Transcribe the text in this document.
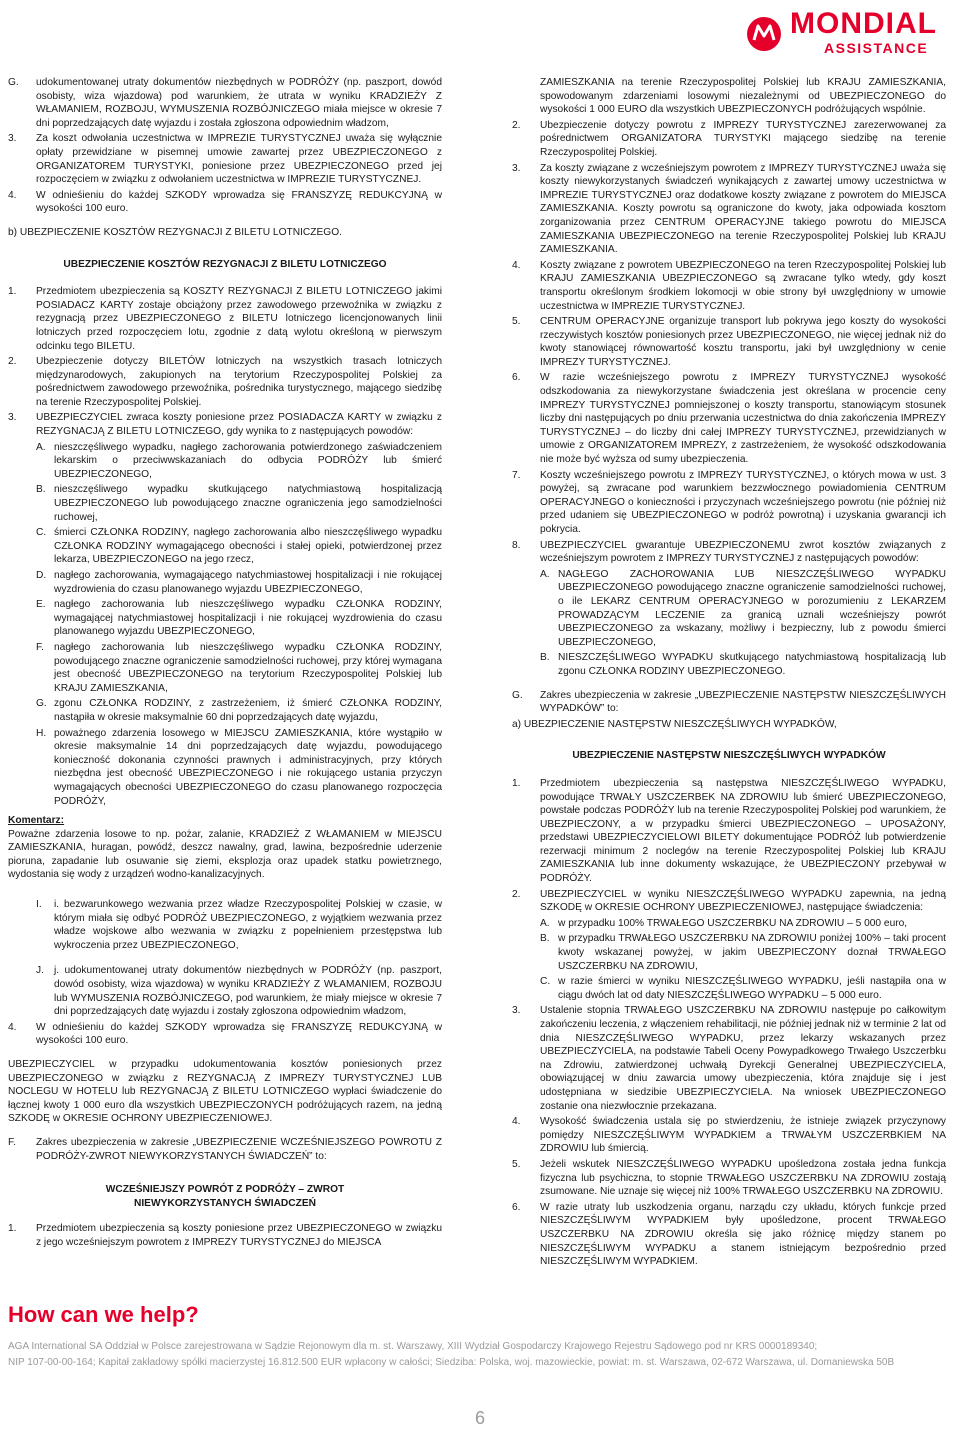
MONDIAL
ASSISTANCE
G. udokumentowanej utraty dokumentów niezbędnych w PODRÓŻY (np. paszport, dowód osobisty, wiza wjazdowa) pod warunkiem, że utrata w wyniku KRADZIEŻY Z WŁAMANIEM, ROZBOJU, WYMUSZENIA ROZBÓJNICZEGO miała miejsce w okresie 7 dni poprzedzających datę wyjazdu i została zgłoszona odpowiednim władzom,
3. Za koszt odwołania uczestnictwa w IMPREZIE TURYSTYCZNEJ uważa się wyłącznie opłaty przewidziane w pisemnej umowie zawartej przez UBEZPIECZONEGO z ORGANIZATOREM TURYSTYKI, poniesione przez UBEZPIECZONEGO przed jej rozpoczęciem w związku z odwołaniem uczestnictwa w IMPREZIE TURYSTYCZNEJ.
4. W odnieśieniu do każdej SZKODY wprowadza się FRANSZYZĘ REDUKCYJNĄ w wysokości 100 euro.
b) UBEZPIECZENIE KOSZTÓW REZYGNACJI Z BILETU LOTNICZEGO.
UBEZPIECZENIE KOSZTÓW REZYGNACJI Z BILETU LOTNICZEGO
1. Przedmiotem ubezpieczenia są KOSZTY REZYGNACJI Z BILETU LOTNICZEGO jakimi POSIADACZ KARTY zostaje obciążony przez zawodowego przewoźnika w związku z rezygnacją przez UBEZPIECZONEGO z BILETU lotniczego licencjonowanych linii lotniczych przed rozpoczęciem lotu, zgodnie z datą wylotu określoną w pierwszym odcinku tego BILETU.
2. Ubezpieczenie dotyczy BILETÓW lotniczych na wszystkich trasach lotniczych międzynarodowych, zakupionych na terytorium Rzeczypospolitej Polskiej za pośrednictwem zawodowego przewoźnika, pośrednika turystycznego, mającego siedzibę na terenie Rzeczypospolitej Polskiej.
3. UBEZPIECZYCIEL zwraca koszty poniesione przez POSIADACZA KARTY w związku z REZYGNACJĄ Z BILETU LOTNICZEGO, gdy wynika to z następujących powodów:
A. nieszczęśliwego wypadku, nagłego zachorowania potwierdzonego zaświadczeniem lekarskim o przeciwwskazaniach do odbycia PODRÓŻY lub śmierć UBEZPIECZONEGO,
B. nieszczęśliwego wypadku skutkującego natychmiastową hospitalizacją UBEZPIECZONEGO lub powodującego znaczne ograniczenia jego samodzielności ruchowej,
C. śmierci CZŁONKA RODZINY, nagłego zachorowania albo nieszczęśliwego wypadku CZŁONKA RODZINY wymagającego obecności i stałej opieki, potwierdzonej przez lekarza, UBEZPIECZONEGO na jego rzecz,
D. nagłego zachorowania, wymagającego natychmiastowej hospitalizacji i nie rokującej wyzdrowienia do czasu planowanego wyjazdu UBEZPIECZONEGO,
E. nagłego zachorowania lub nieszczęśliwego wypadku CZŁONKA RODZINY, wymagającej natychmiastowej hospitalizacji i nie rokującej wyzdrowienia do czasu planowanego wyjazdu UBEZPIECZONEGO,
F. nagłego zachorowania lub nieszczęśliwego wypadku CZŁONKA RODZINY, powodującego znaczne ograniczenie samodzielności ruchowej, przy której wymagana jest obecność UBEZPIECZONEGO na terytorium Rzeczypospolitej Polskiej lub KRAJU ZAMIESZKANIA,
G. zgonu CZŁONKA RODZINY, z zastrzeżeniem, iż śmierć CZŁONKA RODZINY, nastąpiła w okresie maksymalnie 60 dni poprzedzających datę wyjazdu,
H. poważnego zdarzenia losowego w MIEJSCU ZAMIESZKANIA, które wystąpiło w okresie maksymalnie 14 dni poprzedzających datę wyjazdu, powodującego konieczność dokonania czynności prawnych i administracyjnych, przy których niezbędna jest obecność UBEZPIECZONEGO i nie rokującego ustania przyczyn wymagających obecności UBEZPIECZONEGO do czasu planowanego rozpoczęcia PODRÓŻY,
Komentarz:
Poważne zdarzenia losowe to np. pożar, zalanie, KRADZIEŻ Z WŁAMANIEM w MIEJSCU ZAMIESZKANIA, huragan, powódź, deszcz nawalny, grad, lawina, bezpośrednie uderzenie pioruna, zapadanie lub osuwanie się ziemi, eksplozja oraz upadek statku powietrznego, wydostania się wody z urządzeń wodno-kanalizacyjnych.
I. i. bezwarunkowego wezwania przez władze Rzeczypospolitej Polskiej w czasie, w którym miała się odbyć PODRÓŻ UBEZPIECZONEGO, z wyjątkiem wezwania przez władze wojskowe albo wezwania w związku z popełnieniem przestępstwa lub wykroczenia przez UBEZPIECZONEGO,
J. j. udokumentowanej utraty dokumentów niezbędnych w PODRÓŻY (np. paszport, dowód osobisty, wiza wjazdowa) w wyniku KRADZIEŻY Z WŁAMANIEM, ROZBOJU lub WYMUSZENIA ROZBÓJNICZEGO, pod warunkiem, że miały miejsce w okresie 7 dni poprzedzających datę wyjazdu i zostały zgłoszona odpowiednim władzom,
4. W odnieśieniu do każdej SZKODY wprowadza się FRANSZYZĘ REDUKCYJNĄ w wysokości 100 euro.
UBEZPIECZYCIEL w przypadku udokumentowania kosztów poniesionych przez UBEZPIECZONEGO w związku z REZYGNACJĄ Z IMPREZY TURYSTYCZNEJ LUB NOCLEGU W HOTELU lub REZYGNACJĄ Z BILETU LOTNICZEGO wypłaci świadczenie do łącznej kwoty 1 000 euro dla wszystkich UBEZPIECZONYCH podróżujących razem, na jedną SZKODĘ w OKRESIE OCHRONY UBEZPIECZENIOWEJ.
F. Zakres ubezpieczenia w zakresie „UBEZPIECZENIE WCZEŚNIEJSZEGO POWROTU Z PODRÓŻY-ZWROT NIEWYKORZYSTANYCH ŚWIADCZEŃ” to:
WCZEŚNIEJSZY POWRÓT Z PODRÓŻY – ZWROT NIEWYKORZYSTANYCH ŚWIADCZEŃ
1. Przedmiotem ubezpieczenia są koszty poniesione przez UBEZPIECZONEGO w związku z jego wcześniejszym powrotem z IMPREZY TURYSTYCZNEJ do MIEJSCA
ZAMIESZKANIA na terenie Rzeczypospolitej Polskiej lub KRAJU ZAMIESZKANIA, spowodowanym zdarzeniami losowymi niezależnymi od UBEZPIECZONEGO do wysokości 1 000 EURO dla wszystkich UBEZPIECZONYCH podróżujących wspólnie.
2. Ubezpieczenie dotyczy powrotu z IMPREZY TURYSTYCZNEJ zarezerwowanej za pośrednictwem ORGANIZATORA TURYSTYKI mającego siedzibę na terenie Rzeczypospolitej Polskiej.
3. Za koszty związane z wcześniejszym powrotem z IMPREZY TURYSTYCZNEJ uważa się koszty niewykorzystanych świadczeń wynikających z zawartej umowy uczestnictwa w IMPREZIE TURYSTYCZNEJ oraz dodatkowe koszty związane z powrotem do MIEJSCA ZAMIESZKANIA. Koszty powrotu są ograniczone do kwoty, jaka odpowiada kosztom zorganizowania przez CENTRUM OPERACYJNE takiego powrotu do MIEJSCA ZAMIESZKANIA UBEZPIECZONEGO na terenie Rzeczypospolitej Polskiej lub KRAJU ZAMIESZKANIA.
4. Koszty związane z powrotem UBEZPIECZONEGO na teren Rzeczypospolitej Polskiej lub KRAJU ZAMIESZKANIA UBEZPIECZONEGO są zwracane tylko wtedy, gdy koszt transportu określonym środkiem lokomocji w obie strony był uwzględniony w umowie uczestnictwa w IMPREZIE TURYSTYCZNEJ.
5. CENTRUM OPERACYJNE organizuje transport lub pokrywa jego koszty do wysokości rzeczywistych kosztów poniesionych przez UBEZPIECZONEGO, nie więcej jednak niż do kwoty stanowiącej równowartość kosztu transportu, jaki był uwzględniony w cenie IMPREZY TURYSTYCZNEJ.
6. W razie wcześniejszego powrotu z IMPREZY TURYSTYCZNEJ wysokość odszkodowania za niewykorzystane świadczenia jest określana w procencie ceny IMPREZY TURYSTYCZNEJ pomniejszonej o koszty transportu, stanowiącym stosunek liczby dni następujących po dniu przerwania uczestnictwa do dnia zakończenia IMPREZY TURYSTYCZNEJ – do liczby dni całej IMPREZY TURYSTYCZNEJ, przewidzianych w umowie z ORGANIZATOREM IMPREZY, z zastrzeżeniem, że wysokość odszkodowania nie może być wyższa od sumy ubezpieczenia.
7. Koszty wcześniejszego powrotu z IMPREZY TURYSTYCZNEJ, o których mowa w ust. 3 powyżej, są zwracane pod warunkiem bezzwłocznego powiadomienia CENTRUM OPERACYJNEGO o konieczności i przyczynach wcześniejszego powrotu (nie później niż przed udaniem się UBEZPIECZONEGO w podróż powrotną) i uzyskania gwarancji ich pokrycia.
8. UBEZPIECZYCIEL gwarantuje UBEZPIECZONEMU zwrot kosztów związanych z wcześniejszym powrotem z IMPREZY TURYSTYCZNEJ z następujących powodów:
A. NAGŁEGO ZACHOROWANIA LUB NIESZCZĘŚLIWEGO WYPADKU UBEZPIECZONEGO powodującego znaczne ograniczenie samodzielności ruchowej, o ile LEKARZ CENTRUM OPERACYJNEGO w porozumieniu z LEKARZEM PROWADZĄCYM LECZENIE za granicą uznali wcześniejszy powrót UBEZPIECZONEGO za wskazany, możliwy i bezpieczny, lub z powodu śmierci UBEZPIECZONEGO,
B. NIESZCZĘŚLIWEGO WYPADKU skutkującego natychmiastową hospitalizacją lub zgonu CZŁONKA RODZINY UBEZPIECZONEGO.
G. Zakres ubezpieczenia w zakresie „UBEZPIECZENIE NASTĘPSTW NIESZCZĘŚLIWYCH WYPADKÓW” to:
a) UBEZPIECZENIE NASTĘPSTW NIESZCZĘŚLIWYCH WYPADKÓW,
UBEZPIECZENIE NASTĘPSTW NIESZCZĘŚLIWYCH WYPADKÓW
1. Przedmiotem ubezpieczenia są następstwa NIESZCZĘŚLIWEGO WYPADKU, powodujące TRWAŁY USZCZERBEK NA ZDROWIU lub śmierć UBEZPIECZONEGO, powstałe podczas PODRÓŻY lub na terenie Rzeczypospolitej Polskiej pod warunkiem, że UBEZPIECZONY, a w przypadku śmierci UBEZPIECZONEGO – UPOSAŻONY, przedstawi UBEZPIECZYCIELOWI BILETY dokumentujące PODRÓŻ lub potwierdzenie rezerwacji minimum 2 noclegów na terenie Rzeczypospolitej Polskiej lub KRAJU ZAMIESZKANIA lub inne dokumenty wskazujące, że UBEZPIECZONY przebywał w PODRÓŻY.
2. UBEZPIECZYCIEL w wyniku NIESZCZĘŚLIWEGO WYPADKU zapewnia, na jedną SZKODĘ w OKRESIE OCHRONY UBEZPIECZENIOWEJ, następujące świadczenia:
A. w przypadku 100% TRWAŁEGO USZCZERBKU NA ZDROWIU – 5 000 euro,
B. w przypadku TRWAŁEGO USZCZERBKU NA ZDROWIU poniżej 100% – taki procent kwoty wskazanej powyżej, w jakim UBEZPIECZONY doznał TRWAŁEGO USZCZERBKU NA ZDROWIU,
C. w razie śmierci w wyniku NIESZCZĘŚLIWEGO WYPADKU, jeśli nastąpiła ona w ciągu dwóch lat od daty NIESZCZĘŚLIWEGO WYPADKU – 5 000 euro.
3. Ustalenie stopnia TRWAŁEGO USZCZERBKU NA ZDROWIU następuje po całkowitym zakończeniu leczenia, z włączeniem rehabilitacji, nie później jednak niż w terminie 2 lat od dnia NIESZCZĘŚLIWEGO WYPADKU, przez lekarzy wskazanych przez UBEZPIECZYCIELA, na podstawie Tabeli Oceny Powypadkowego Trwałego Uszczerbku na Zdrowiu, zatwierdzonej uchwałą Dyrekcji Generalnej UBEZPIECZYCIELA, obowiązującej w dniu zawarcia umowy ubezpieczenia, która znajduje się i jest udostępniana w siedzibie UBEZPIECZYCIELA. Na wniosek UBEZPIECZONEGO zostanie ona niezwłocznie przekazana.
4. Wysokość świadczenia ustala się po stwierdzeniu, że istnieje związek przyczynowy pomiędzy NIESZCZĘŚLIWYM WYPADKIEM a TRWAŁYM USZCZERBKIEM NA ZDROWIU lub śmiercią.
5. Jeżeli wskutek NIESZCZĘŚLIWEGO WYPADKU upośledzona została jedna funkcja fizyczna lub psychiczna, to stopnie TRWAŁEGO USZCZERBKU NA ZDROWIU zostają zsumowane. Nie uznaje się więcej niż 100% TRWAŁEGO USZCZERBKU NA ZDROWIU.
6. W razie utraty lub uszkodzenia organu, narządu czy układu, których funkcje przed NIESZCZĘŚLIWYM WYPADKIEM były upośledzone, procent TRWAŁEGO USZCZERBKU NA ZDROWIU określa się jako różnicę między stanem po NIESZCZĘŚLIWYM WYPADKU a stanem istniejącym bezpośrednio przed NIESZCZĘŚLIWYM WYPADKIEM.
How can we help?
AGA International SA Oddział w Polsce zarejestrowana w Sądzie Rejonowym dla m. st. Warszawy, XIII Wydział Gospodarczy Krajowego Rejestru Sądowego pod nr KRS 0000189340;
NIP 107-00-00-164; Kapitał zakładowy spółki macierzystej 16.812.500 EUR wpłacony w całości; Siedziba: Polska, woj. mazowieckie, powiat: m. st. Warszawa, 02-672 Warszawa, ul. Domaniewska 50B
6
